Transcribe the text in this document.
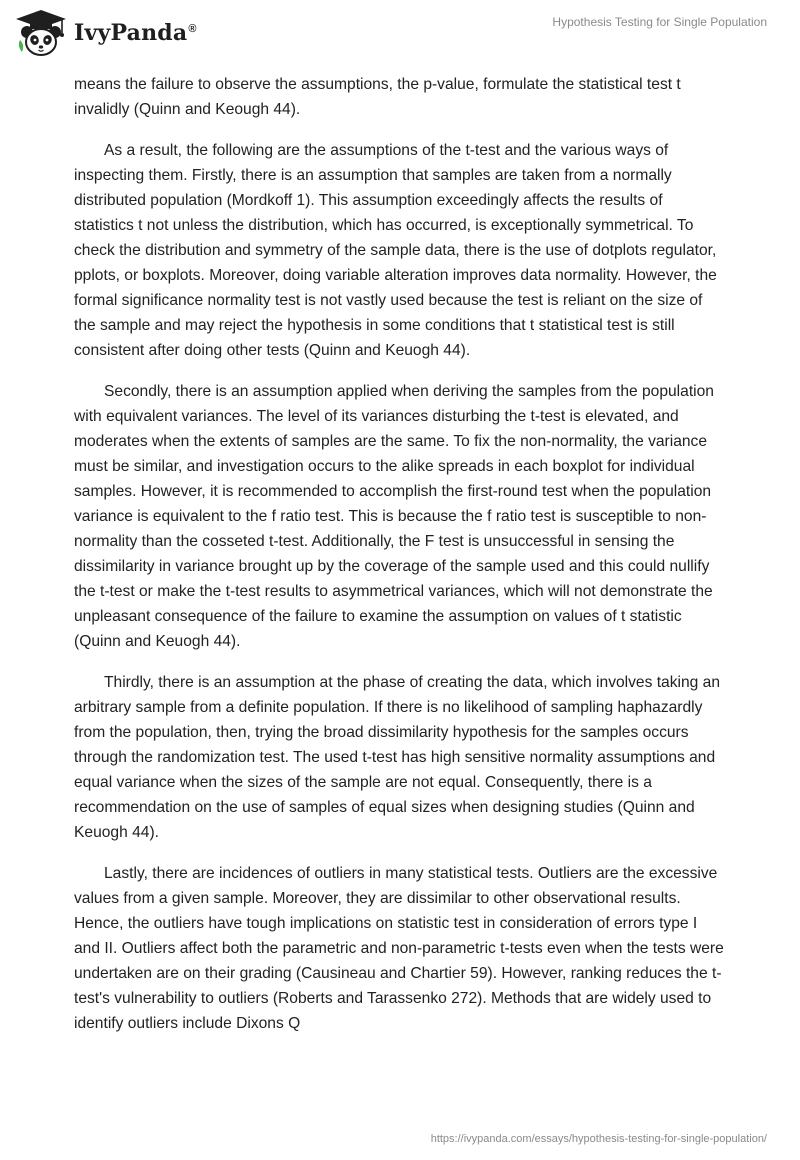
IvyPanda®	Hypothesis Testing for Single Population

means the failure to observe the assumptions, the p-value, formulate the statistical test t invalidly (Quinn and Keough 44).

As a result, the following are the assumptions of the t-test and the various ways of inspecting them. Firstly, there is an assumption that samples are taken from a normally distributed population (Mordkoff 1). This assumption exceedingly affects the results of statistics t not unless the distribution, which has occurred, is exceptionally symmetrical. To check the distribution and symmetry of the sample data, there is the use of dotplots regulator, pplots, or boxplots. Moreover, doing variable alteration improves data normality. However, the formal significance normality test is not vastly used because the test is reliant on the size of the sample and may reject the hypothesis in some conditions that t statistical test is still consistent after doing other tests (Quinn and Keuogh 44).

Secondly, there is an assumption applied when deriving the samples from the population with equivalent variances. The level of its variances disturbing the t-test is elevated, and moderates when the extents of samples are the same. To fix the non-normality, the variance must be similar, and investigation occurs to the alike spreads in each boxplot for individual samples. However, it is recommended to accomplish the first-round test when the population variance is equivalent to the f ratio test. This is because the f ratio test is susceptible to non-normality than the cosseted t-test. Additionally, the F test is unsuccessful in sensing the dissimilarity in variance brought up by the coverage of the sample used and this could nullify the t-test or make the t-test results to asymmetrical variances, which will not demonstrate the unpleasant consequence of the failure to examine the assumption on values of t statistic (Quinn and Keuogh 44).

Thirdly, there is an assumption at the phase of creating the data, which involves taking an arbitrary sample from a definite population. If there is no likelihood of sampling haphazardly from the population, then, trying the broad dissimilarity hypothesis for the samples occurs through the randomization test. The used t-test has high sensitive normality assumptions and equal variance when the sizes of the sample are not equal. Consequently, there is a recommendation on the use of samples of equal sizes when designing studies (Quinn and Keuogh 44).

Lastly, there are incidences of outliers in many statistical tests. Outliers are the excessive values from a given sample. Moreover, they are dissimilar to other observational results. Hence, the outliers have tough implications on statistic test in consideration of errors type I and II. Outliers affect both the parametric and non-parametric t-tests even when the tests were undertaken are on their grading (Causineau and Chartier 59). However, ranking reduces the t-test's vulnerability to outliers (Roberts and Tarassenko 272). Methods that are widely used to identify outliers include Dixons Q

https://ivypanda.com/essays/hypothesis-testing-for-single-population/
